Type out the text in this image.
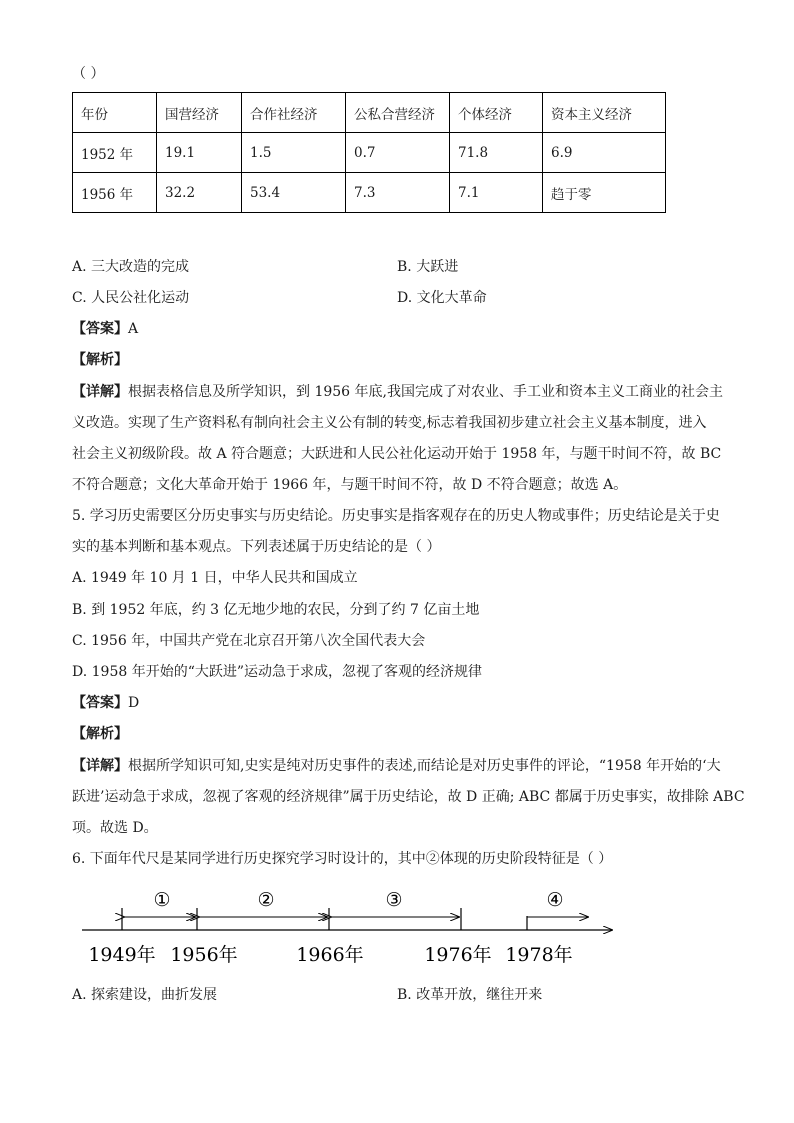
（ ）
年份	国营经济	合作社经济	公私合营经济	个体经济	资本主义经济
1952 年	19.1	1.5	0.7	71.8	6.9
1956 年	32.2	53.4	7.3	7.1	趋于零
A. 三大改造的完成	B. 大跃进
C. 人民公社化运动	D. 文化大革命
【答案】A
【解析】
【详解】根据表格信息及所学知识，到 1956 年底,我国完成了对农业、手工业和资本主义工商业的社会主
义改造。实现了生产资料私有制向社会主义公有制的转变,标志着我国初步建立社会主义基本制度，进入
社会主义初级阶段。故 A 符合题意；大跃进和人民公社化运动开始于 1958 年，与题干时间不符，故 BC
不符合题意；文化大革命开始于 1966 年，与题干时间不符，故 D 不符合题意；故选 A。
5. 学习历史需要区分历史事实与历史结论。历史事实是指客观存在的历史人物或事件；历史结论是关于史
实的基本判断和基本观点。下列表述属于历史结论的是（ ）
A. 1949 年 10 月 1 日，中华人民共和国成立
B. 到 1952 年底，约 3 亿无地少地的农民，分到了约 7 亿亩土地
C. 1956 年，中国共产党在北京召开第八次全国代表大会
D. 1958 年开始的“大跃进”运动急于求成，忽视了客观的经济规律
【答案】D
【解析】
【详解】根据所学知识可知,史实是纯对历史事件的表述,而结论是对历史事件的评论，“1958 年开始的‘大
跃进’运动急于求成，忽视了客观的经济规律”属于历史结论，故 D 正确; ABC 都属于历史事实，故排除 ABC
项。故选 D。
6. 下面年代尺是某同学进行历史探究学习时设计的，其中②体现的历史阶段特征是（ ）
①	②	③	④
1949年 1956年	1966年	1976年 1978年
A. 探索建设，曲折发展	B. 改革开放，继往开来
